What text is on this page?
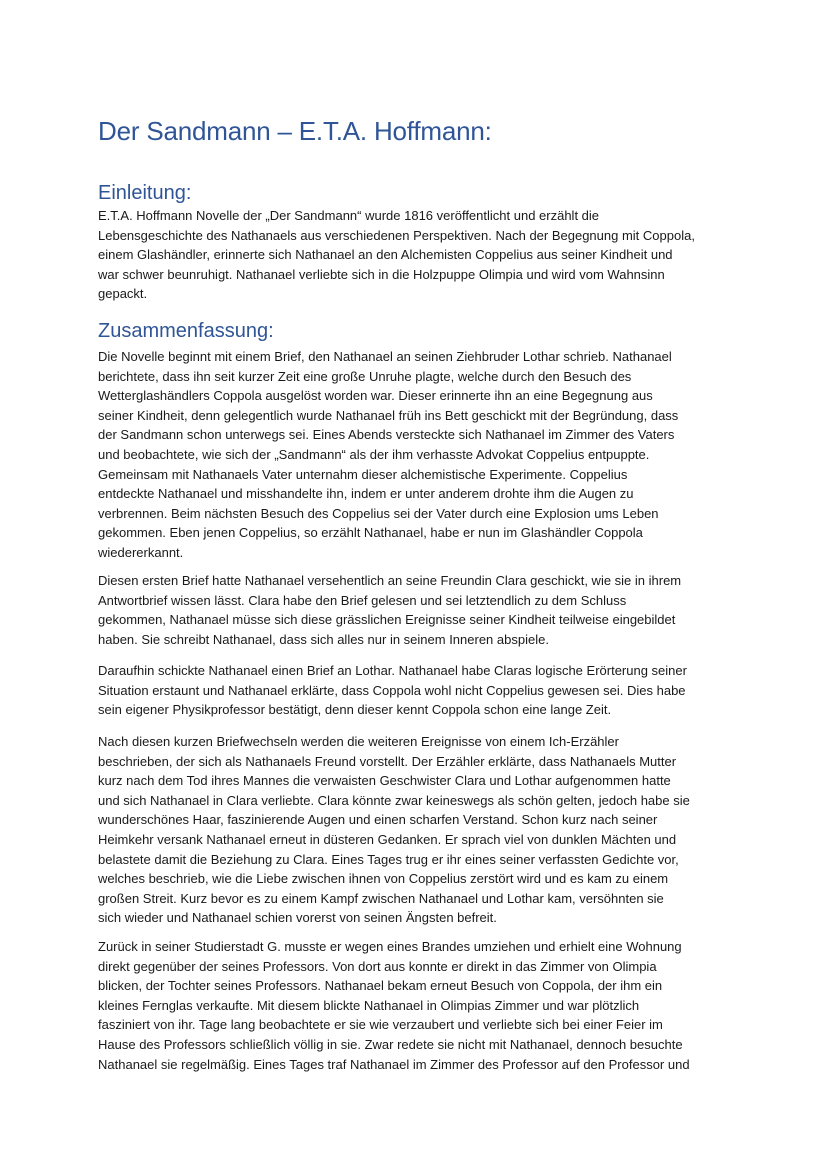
Der Sandmann – E.T.A. Hoffmann:
Einleitung:

E.T.A. Hoffmann Novelle der „Der Sandmann“ wurde 1816 veröffentlicht und erzählt die
Lebensgeschichte des Nathanaels aus verschiedenen Perspektiven. Nach der Begegnung mit Coppola,
einem Glashändler, erinnerte sich Nathanael an den Alchemisten Coppelius aus seiner Kindheit und
war schwer beunruhigt. Nathanael verliebte sich in die Holzpuppe Olimpia und wird vom Wahnsinn
gepackt.

Zusammenfassung:

Die Novelle beginnt mit einem Brief, den Nathanael an seinen Ziehbruder Lothar schrieb. Nathanael
berichtete, dass ihn seit kurzer Zeit eine große Unruhe plagte, welche durch den Besuch des
Wetterglashändlers Coppola ausgelöst worden war. Dieser erinnerte ihn an eine Begegnung aus
seiner Kindheit, denn gelegentlich wurde Nathanael früh ins Bett geschickt mit der Begründung, dass
der Sandmann schon unterwegs sei. Eines Abends versteckte sich Nathanael im Zimmer des Vaters
und beobachtete, wie sich der „Sandmann“ als der ihm verhasste Advokat Coppelius entpuppte.
Gemeinsam mit Nathanaels Vater unternahm dieser alchemistische Experimente. Coppelius
entdeckte Nathanael und misshandelte ihn, indem er unter anderem drohte ihm die Augen zu
verbrennen. Beim nächsten Besuch des Coppelius sei der Vater durch eine Explosion ums Leben
gekommen. Eben jenen Coppelius, so erzählt Nathanael, habe er nun im Glashändler Coppola
wiedererkannt.

Diesen ersten Brief hatte Nathanael versehentlich an seine Freundin Clara geschickt, wie sie in ihrem
Antwortbrief wissen lässt. Clara habe den Brief gelesen und sei letztendlich zu dem Schluss
gekommen, Nathanael müsse sich diese grässlichen Ereignisse seiner Kindheit teilweise eingebildet
haben. Sie schreibt Nathanael, dass sich alles nur in seinem Inneren abspiele.

Daraufhin schickte Nathanael einen Brief an Lothar. Nathanael habe Claras logische Erörterung seiner
Situation erstaunt und Nathanael erklärte, dass Coppola wohl nicht Coppelius gewesen sei. Dies habe
sein eigener Physikprofessor bestätigt, denn dieser kennt Coppola schon eine lange Zeit.

Nach diesen kurzen Briefwechseln werden die weiteren Ereignisse von einem Ich-Erzähler
beschrieben, der sich als Nathanaels Freund vorstellt. Der Erzähler erklärte, dass Nathanaels Mutter
kurz nach dem Tod ihres Mannes die verwaisten Geschwister Clara und Lothar aufgenommen hatte
und sich Nathanael in Clara verliebte. Clara könnte zwar keineswegs als schön gelten, jedoch habe sie
wunderschönes Haar, faszinierende Augen und einen scharfen Verstand. Schon kurz nach seiner
Heimkehr versank Nathanael erneut in düsteren Gedanken. Er sprach viel von dunklen Mächten und
belastete damit die Beziehung zu Clara. Eines Tages trug er ihr eines seiner verfassten Gedichte vor,
welches beschrieb, wie die Liebe zwischen ihnen von Coppelius zerstört wird und es kam zu einem
großen Streit. Kurz bevor es zu einem Kampf zwischen Nathanael und Lothar kam, versöhnten sie
sich wieder und Nathanael schien vorerst von seinen Ängsten befreit.

Zurück in seiner Studierstadt G. musste er wegen eines Brandes umziehen und erhielt eine Wohnung
direkt gegenüber der seines Professors. Von dort aus konnte er direkt in das Zimmer von Olimpia
blicken, der Tochter seines Professors. Nathanael bekam erneut Besuch von Coppola, der ihm ein
kleines Fernglas verkaufte. Mit diesem blickte Nathanael in Olimpias Zimmer und war plötzlich
fasziniert von ihr. Tage lang beobachtete er sie wie verzaubert und verliebte sich bei einer Feier im
Hause des Professors schließlich völlig in sie. Zwar redete sie nicht mit Nathanael, dennoch besuchte
Nathanael sie regelmäßig. Eines Tages traf Nathanael im Zimmer des Professor auf den Professor und
